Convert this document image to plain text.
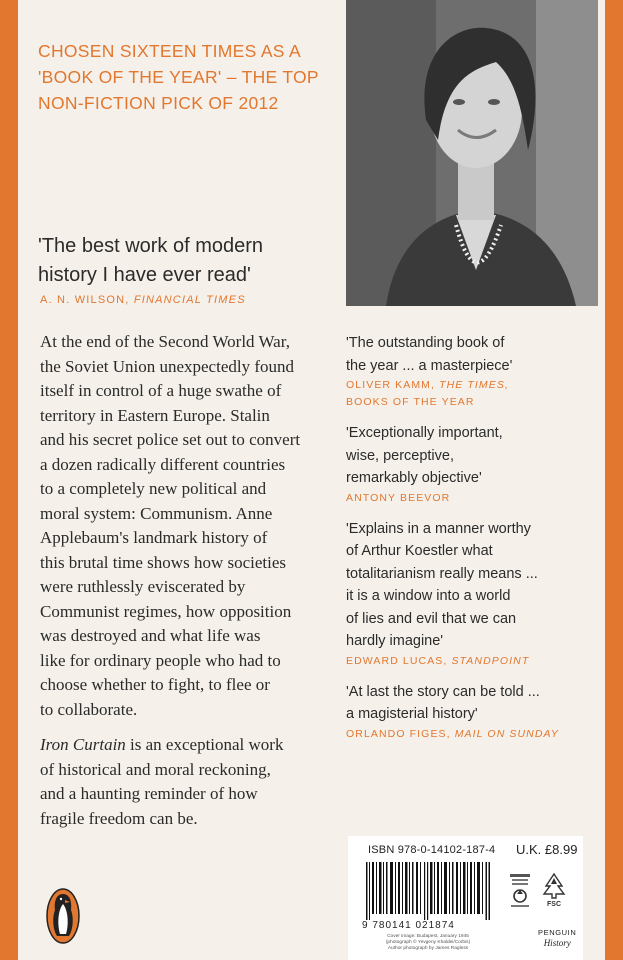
CHOSEN SIXTEEN TIMES AS A
'BOOK OF THE YEAR' – THE TOP
NON-FICTION PICK OF 2012
'The best work of modern
history I have ever read'
A. N. WILSON, FINANCIAL TIMES
At the end of the Second World War,
the Soviet Union unexpectedly found
itself in control of a huge swathe of
territory in Eastern Europe. Stalin
and his secret police set out to convert
a dozen radically different countries
to a completely new political and
moral system: Communism. Anne
Applebaum's landmark history of
this brutal time shows how societies
were ruthlessly eviscerated by
Communist regimes, how opposition
was destroyed and what life was
like for ordinary people who had to
choose whether to fight, to flee or
to collaborate.
Iron Curtain is an exceptional work
of historical and moral reckoning,
and a haunting reminder of how
fragile freedom can be.
'The outstanding book of
the year ... a masterpiece'
OLIVER KAMM, THE TIMES,
BOOKS OF THE YEAR
'Exceptionally important,
wise, perceptive,
remarkably objective'
ANTONY BEEVOR
'Explains in a manner worthy
of Arthur Koestler what
totalitarianism really means ...
it is a window into a world
of lies and evil that we can
hardly imagine'
EDWARD LUCAS, STANDPOINT
'At last the story can be told ...
a magisterial history'
ORLANDO FIGES, MAIL ON SUNDAY
ISBN 978-0-14102-187-4 U.K. £8.99
9 780141 021874
Cover image: Budapest, January 1945
(photograph © Yevgeny Khaldei/Corbis)
Author photograph by James Ragless
FSC
PENGUIN
History
